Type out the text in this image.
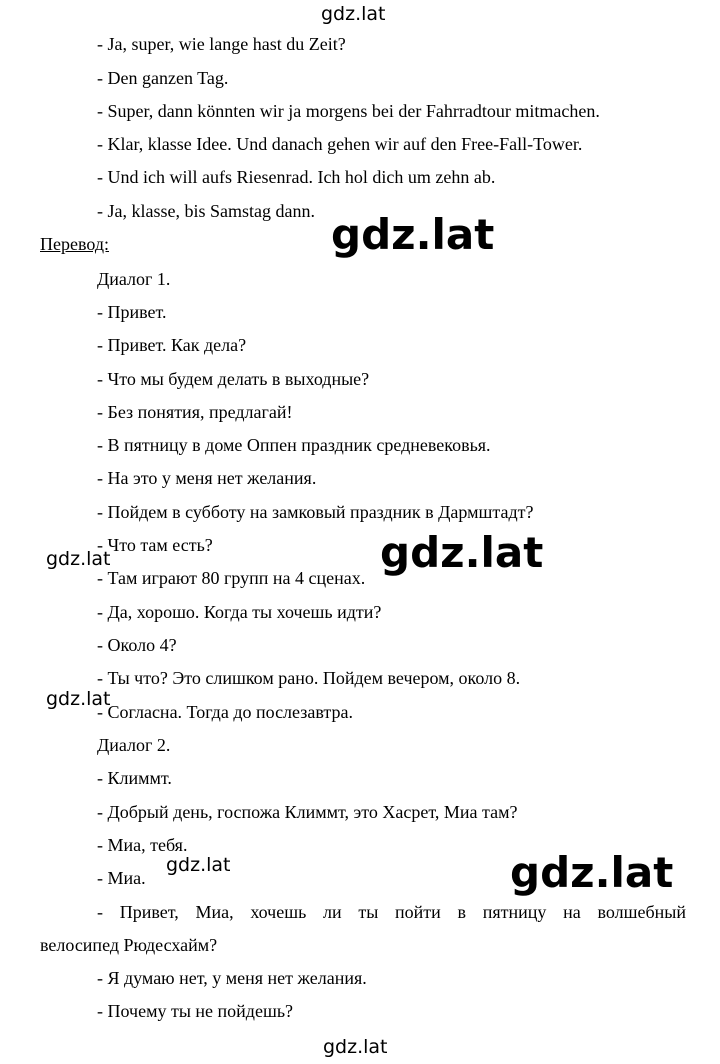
- Ja, super, wie lange hast du Zeit?

- Den ganzen Tag.

- Super, dann könnten wir ja morgens bei der Fahrradtour mitmachen.

- Klar, klasse Idee. Und danach gehen wir auf den Free-Fall-Tower.

- Und ich will aufs Riesenrad. Ich hol dich um zehn ab.

- Ja, klasse, bis Samstag dann.

Перевод:

Диалог 1.

- Привет.

- Привет. Как дела?

- Что мы будем делать в выходные?

- Без понятия, предлагай!

- В пятницу в доме Оппен праздник средневековья.

- На это у меня нет желания.

- Пойдем в субботу на замковый праздник в Дармштадт?

- Что там есть?

- Там играют 80 групп на 4 сценах.

- Да, хорошо. Когда ты хочешь идти?

- Около 4?

- Ты что? Это слишком рано. Пойдем вечером, около 8.

- Согласна. Тогда до послезавтра.

Диалог 2.

- Климмт.

- Добрый день, госпожа Климмт, это Хасрет, Миа там?

- Миа, тебя.

- Миа.

- Привет, Миа, хочешь ли ты пойти в пятницу на волшебный

велосипед Рюдесхайм?

- Я думаю нет, у меня нет желания.

- Почему ты не пойдешь?

gdz.lat
gdz.lat
gdz.lat	gdz.lat
gdz.lat
gdz.lat	gdz.lat
gdz.lat
